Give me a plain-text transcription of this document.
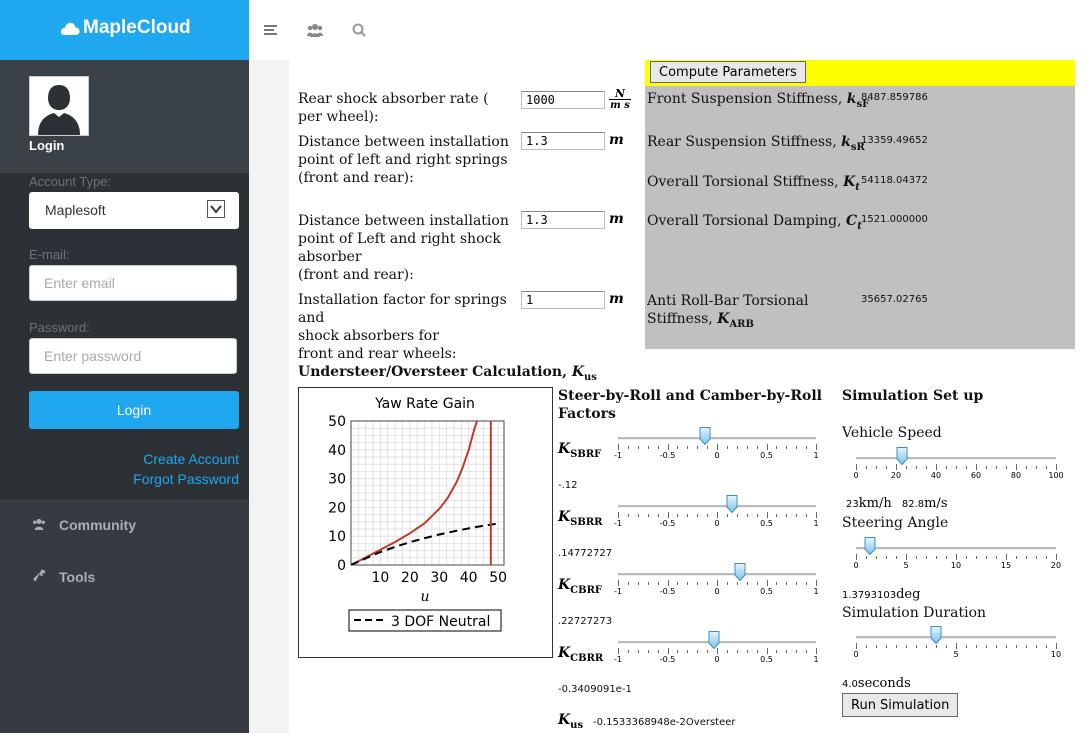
MapleCloud
Login
Account Type:
Maplesoft
E-mail:
Enter email
Password:
Login
Create Account
Forgot Password
Community
Tools
Compute Parameters
Rear shock absorber rate ( per wheel):
1000
$\frac{N}{\text{m s}}$
Distance between installation
point of left and right springs
(front and rear):
1.3
m
Distance between installation
point of Left and right shock
absorber
(front and rear):
1.3
m
Installation factor for springs and
shock absorbers for
front and rear wheels:
1
m
Front Suspension Stiffness, $k_{sF}$
8487.859786
Rear Suspension Stiffness, $k_{sR}$
13359.49652
Overall Torsional Stiffness, $K_t$
54118.04372
Overall Torsional Damping, $C_t$
1521.000000
Anti Roll-Bar Torsional
Stiffness, $K_{ARB}$
35657.02765
Understeer/Oversteer Calculation, $K_{us}$
Yaw Rate Gain
0
10
20
30
40
50
10 20 30 40 50
u
3 DOF Neutral
Steer-by-Roll and Camber-by-Roll
Factors
$K_{us}$ -0.1533368948e-2Oversteer
Simulation Set up
Vehicle Speed
23km/h 82.8m/s
Steering Angle
1.3793103deg
Simulation Duration
4.0seconds
Run Simulation
$K_{SBRF}$ -1	-0.5	0	0.5	1
-.12
$K_{SBRR}$ -1	-0.5	0	0.5	1
.14772727
$K_{CBRF}$ -1	-0.5	0	0.5	1
.22727273
$K_{CBRR}$ -1	-0.5	0	0.5	1
-0.3409091e-1
0	20	40	60	80	100
0	5	10	15	20
0	5	10
